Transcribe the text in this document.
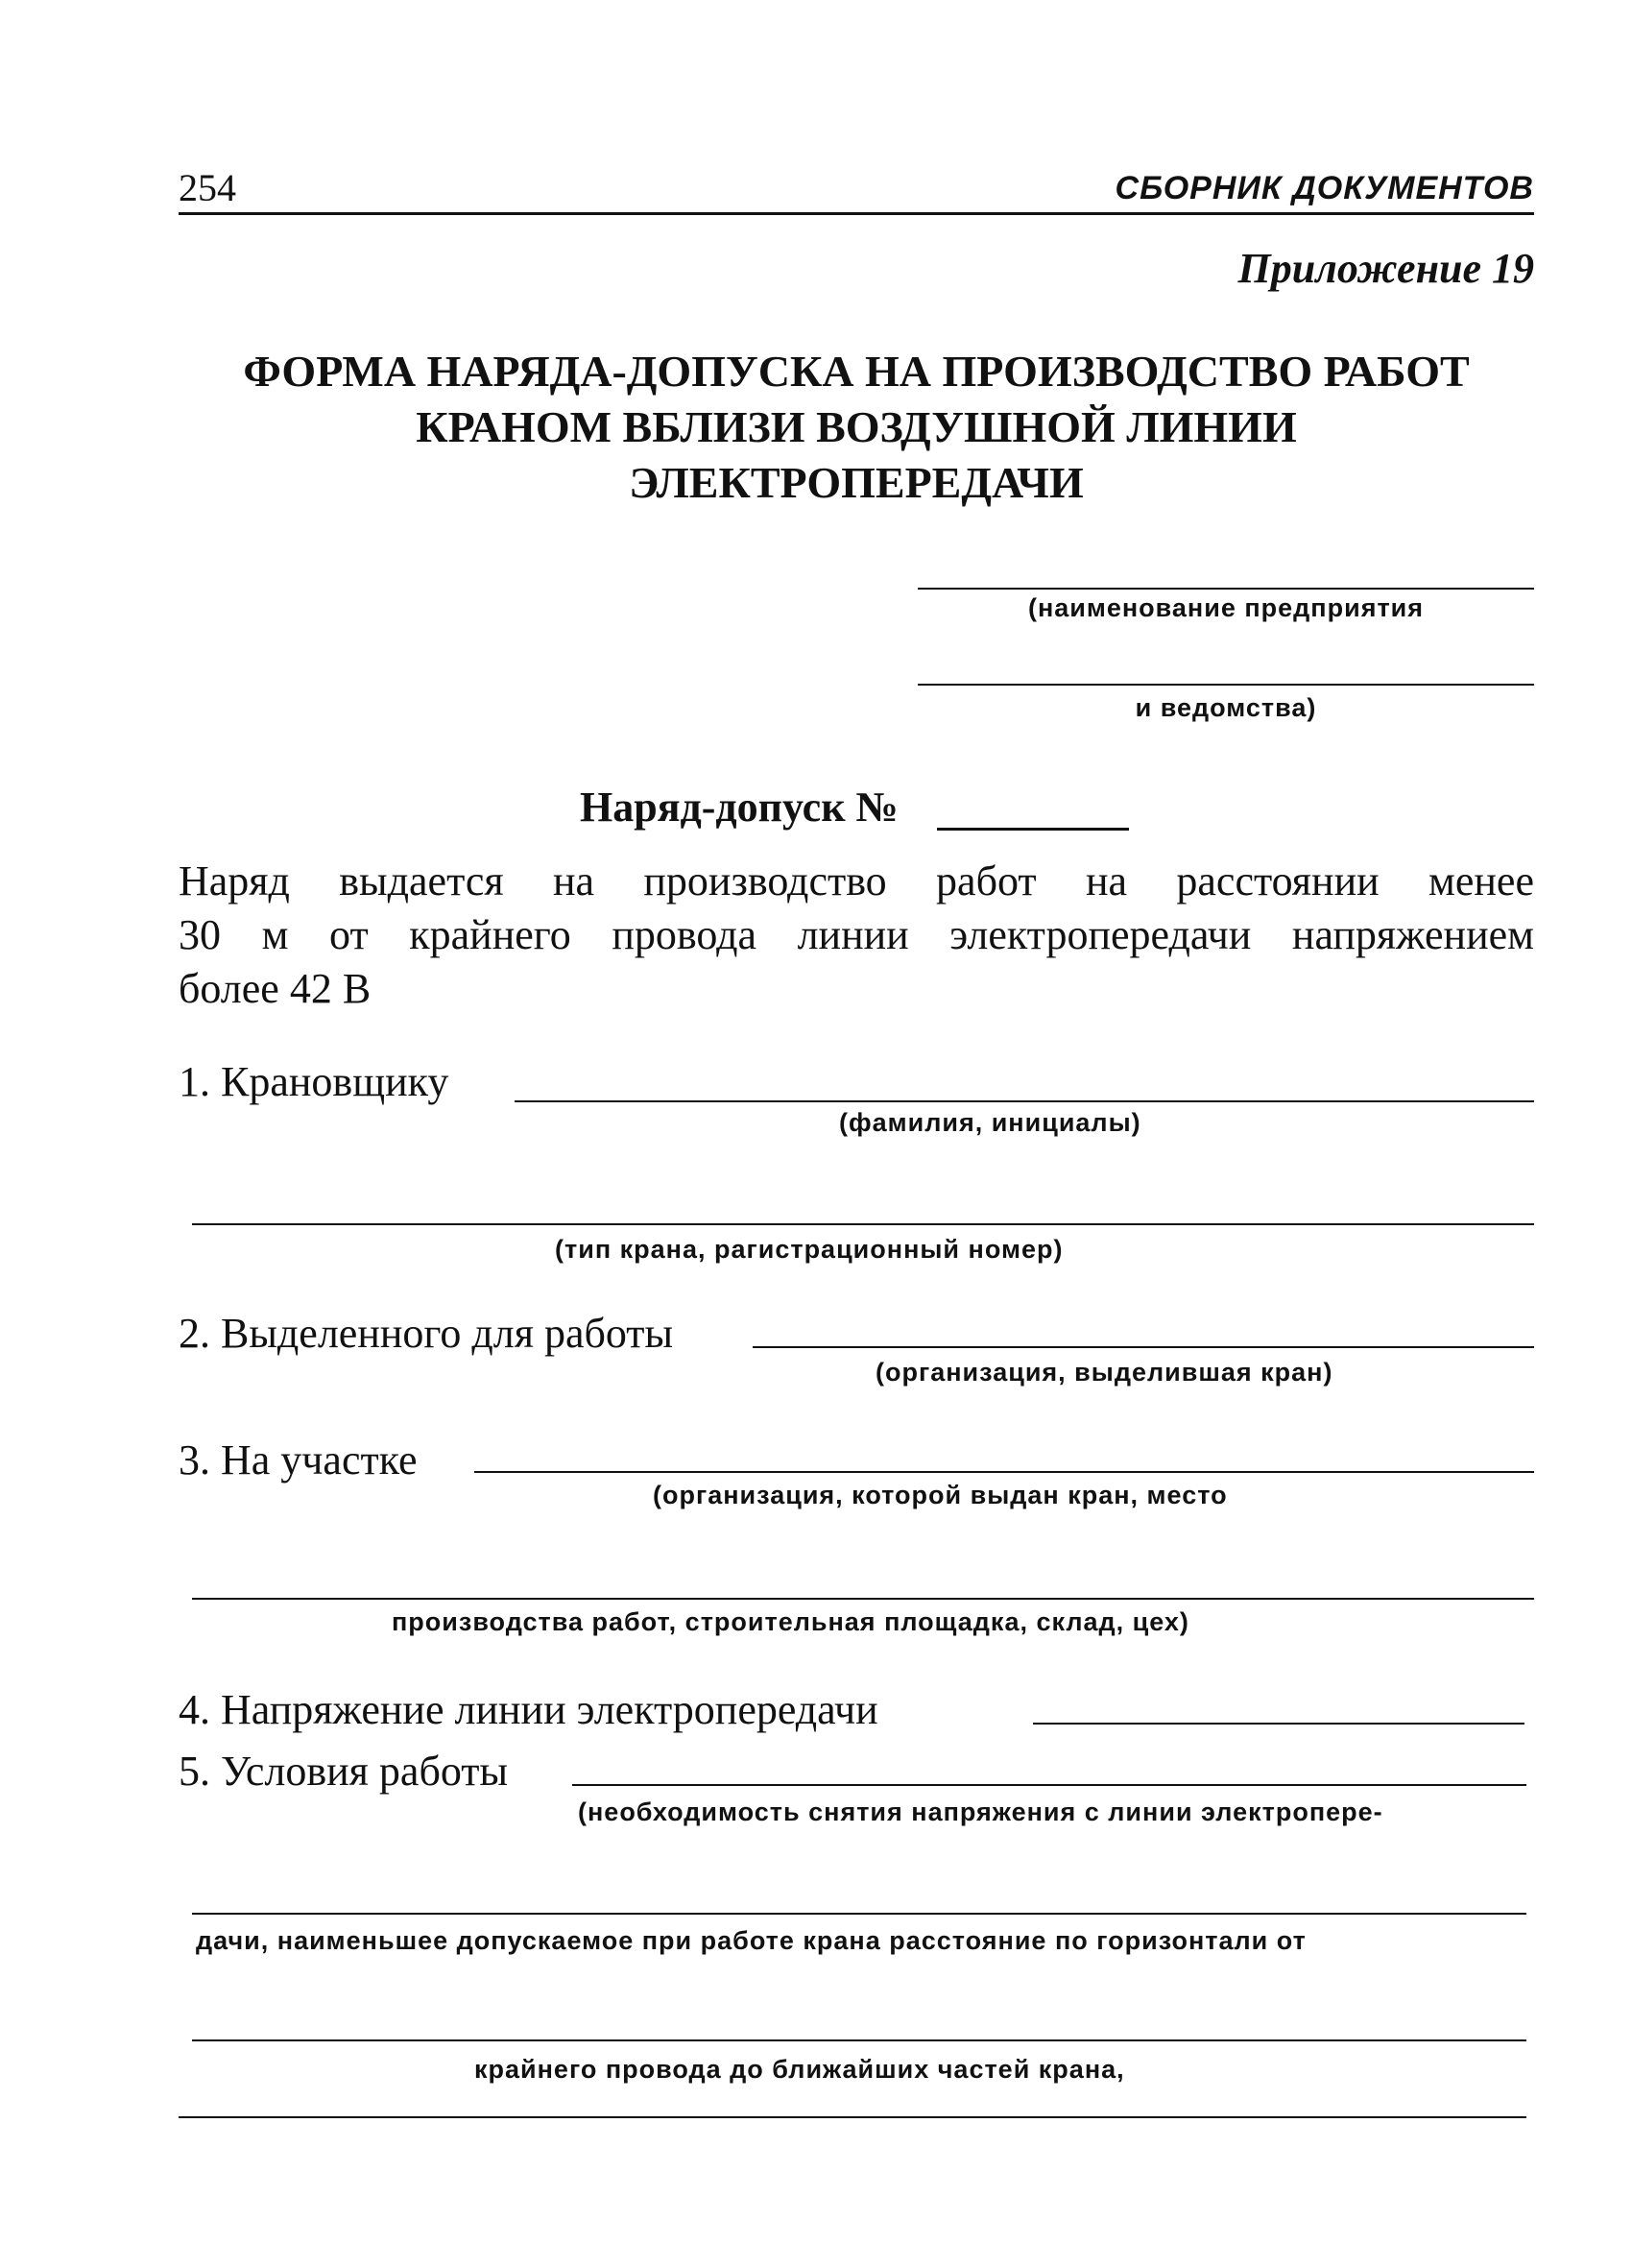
254	СБОРНИК ДОКУМЕНТОВ
Приложение 19
ФОРМА НАРЯДА-ДОПУСКА НА ПРОИЗВОДСТВО РАБОТ
КРАНОМ ВБЛИЗИ ВОЗДУШНОЙ ЛИНИИ
ЭЛЕКТРОПЕРЕДАЧИ
(наименование предприятия
и ведомства)
Наряд-допуск №
Наряд выдается на производство работ на расстоянии менее
30 м от крайнего провода линии электропередачи напряжением
более 42 В
1. Крановщику
(фамилия, инициалы)
(тип крана, рагистрационный номер)
2. Выделенного для работы
(организация, выделившая кран)
3. На участке
(организация, которой выдан кран, место
производства работ, строительная площадка, склад, цех)
4. Напряжение линии электропередачи
5. Условия работы
(необходимость снятия напряжения с линии электропере-
дачи, наименьшее допускаемое при работе крана расстояние по горизонтали от
крайнего провода до ближайших частей крана,
